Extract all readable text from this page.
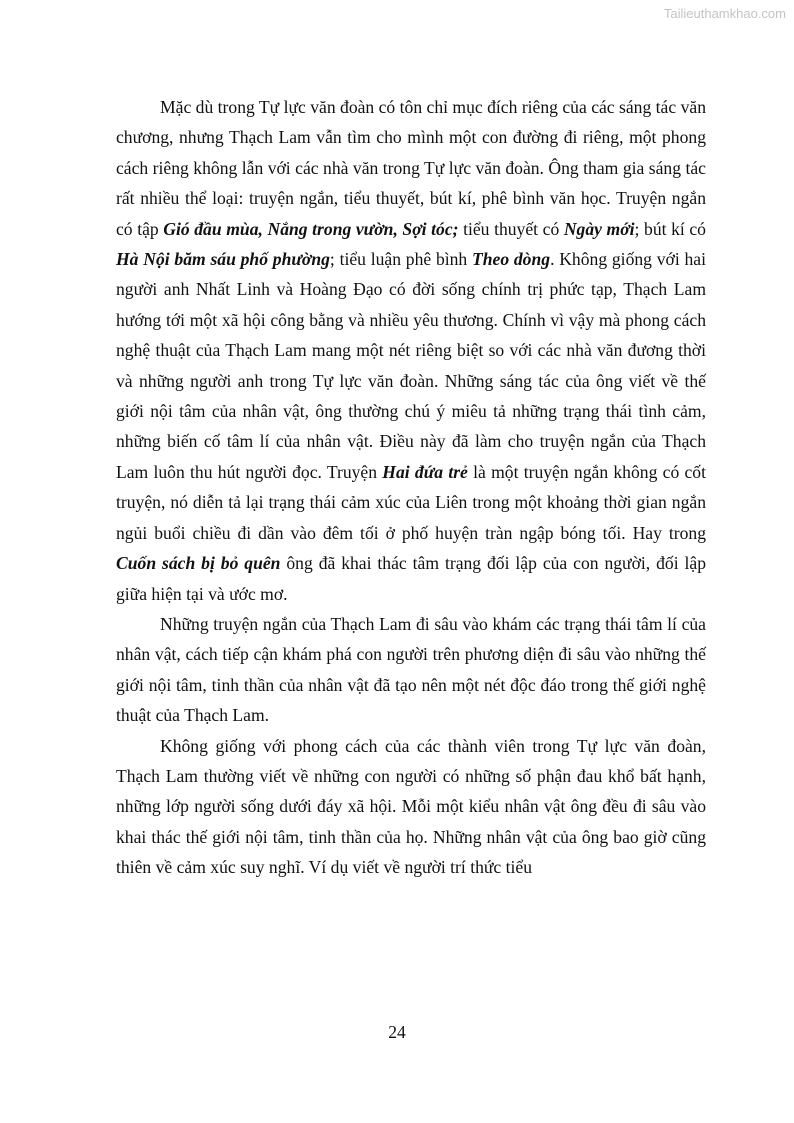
Tailieuthamkhao.com

Mặc dù trong Tự lực văn đoàn có tôn chỉ mục đích riêng của các sáng tác văn chương, nhưng Thạch Lam vẫn tìm cho mình một con đường đi riêng, một phong cách riêng không lẫn với các nhà văn trong Tự lực văn đoàn. Ông tham gia sáng tác rất nhiều thể loại: truyện ngắn, tiểu thuyết, bút kí, phê bình văn học. Truyện ngắn có tập Gió đầu mùa, Nắng trong vườn, Sợi tóc; tiểu thuyết có Ngày mới; bút kí có Hà Nội băm sáu phố phường; tiểu luận phê bình Theo dòng. Không giống với hai người anh Nhất Linh và Hoàng Đạo có đời sống chính trị phức tạp, Thạch Lam hướng tới một xã hội công bằng và nhiều yêu thương. Chính vì vậy mà phong cách nghệ thuật của Thạch Lam mang một nét riêng biệt so với các nhà văn đương thời và những người anh trong Tự lực văn đoàn. Những sáng tác của ông viết về thế giới nội tâm của nhân vật, ông thường chú ý miêu tả những trạng thái tình cảm, những biến cố tâm lí của nhân vật. Điều này đã làm cho truyện ngắn của Thạch Lam luôn thu hút người đọc. Truyện Hai đứa trẻ là một truyện ngắn không có cốt truyện, nó diễn tả lại trạng thái cảm xúc của Liên trong một khoảng thời gian ngắn ngủi buổi chiều đi dần vào đêm tối ở phố huyện tràn ngập bóng tối. Hay trong Cuốn sách bị bỏ quên ông đã khai thác tâm trạng đối lập của con người, đối lập giữa hiện tại và ước mơ.

Những truyện ngắn của Thạch Lam đi sâu vào khám các trạng thái tâm lí của nhân vật, cách tiếp cận khám phá con người trên phương diện đi sâu vào những thế giới nội tâm, tinh thần của nhân vật đã tạo nên một nét độc đáo trong thế giới nghệ thuật của Thạch Lam.

Không giống với phong cách của các thành viên trong Tự lực văn đoàn, Thạch Lam thường viết về những con người có những số phận đau khổ bất hạnh, những lớp người sống dưới đáy xã hội. Mỗi một kiểu nhân vật ông đều đi sâu vào khai thác thế giới nội tâm, tinh thần của họ. Những nhân vật của ông bao giờ cũng thiên về cảm xúc suy nghĩ. Ví dụ viết về người trí thức tiểu

24
